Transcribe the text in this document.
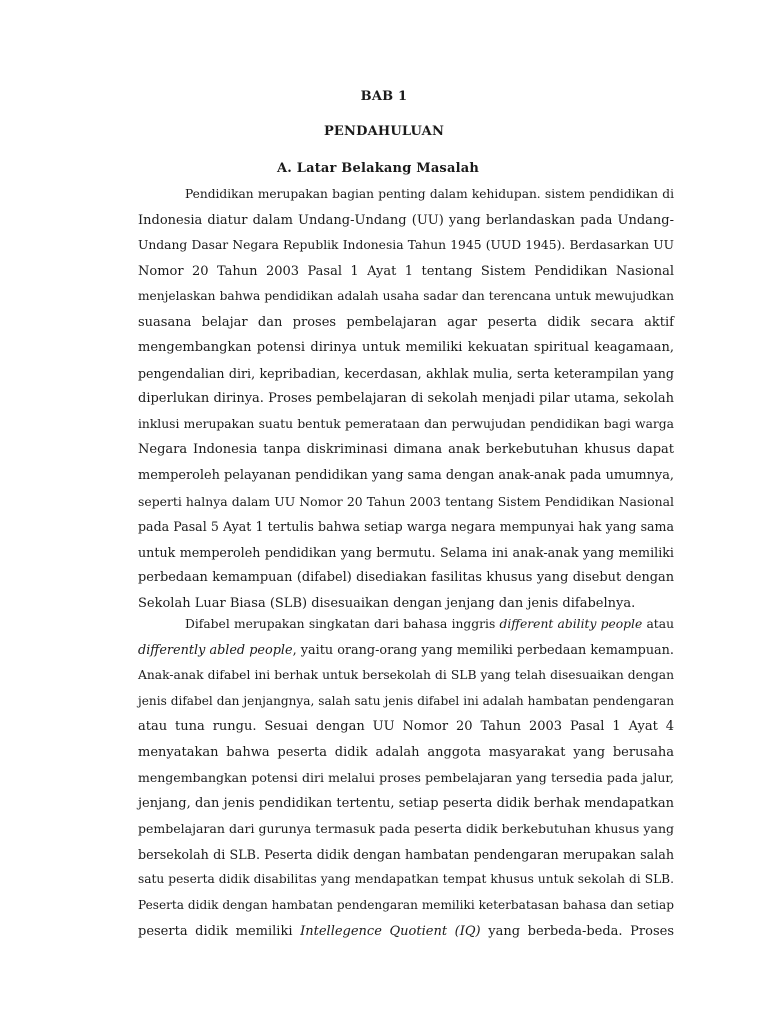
BAB 1
PENDAHULUAN
A. Latar Belakang Masalah
Pendidikan merupakan bagian penting dalam kehidupan. sistem pendidikan di
Indonesia diatur dalam Undang-Undang (UU) yang berlandaskan pada Undang-
Undang Dasar Negara Republik Indonesia Tahun 1945 (UUD 1945). Berdasarkan UU
Nomor 20 Tahun 2003 Pasal 1 Ayat 1 tentang Sistem Pendidikan Nasional
menjelaskan bahwa pendidikan adalah usaha sadar dan terencana untuk mewujudkan
suasana belajar dan proses pembelajaran agar peserta didik secara aktif
mengembangkan potensi dirinya untuk memiliki kekuatan spiritual keagamaan,
pengendalian diri, kepribadian, kecerdasan, akhlak mulia, serta keterampilan yang
diperlukan dirinya. Proses pembelajaran di sekolah menjadi pilar utama, sekolah
inklusi merupakan suatu bentuk pemerataan dan perwujudan pendidikan bagi warga
Negara Indonesia tanpa diskriminasi dimana anak berkebutuhan khusus dapat
memperoleh pelayanan pendidikan yang sama dengan anak-anak pada umumnya,
seperti halnya dalam UU Nomor 20 Tahun 2003 tentang Sistem Pendidikan Nasional
pada Pasal 5 Ayat 1 tertulis bahwa setiap warga negara mempunyai hak yang sama
untuk memperoleh pendidikan yang bermutu. Selama ini anak-anak yang memiliki
perbedaan kemampuan (difabel) disediakan fasilitas khusus yang disebut dengan
Sekolah Luar Biasa (SLB) disesuaikan dengan jenjang dan jenis difabelnya.
Difabel merupakan singkatan dari bahasa inggris different ability people atau
differently abled people, yaitu orang-orang yang memiliki perbedaan kemampuan.
Anak-anak difabel ini berhak untuk bersekolah di SLB yang telah disesuaikan dengan
jenis difabel dan jenjangnya, salah satu jenis difabel ini adalah hambatan pendengaran
atau tuna rungu. Sesuai dengan UU Nomor 20 Tahun 2003 Pasal 1 Ayat 4
menyatakan bahwa peserta didik adalah anggota masyarakat yang berusaha
mengembangkan potensi diri melalui proses pembelajaran yang tersedia pada jalur,
jenjang, dan jenis pendidikan tertentu, setiap peserta didik berhak mendapatkan
pembelajaran dari gurunya termasuk pada peserta didik berkebutuhan khusus yang
bersekolah di SLB. Peserta didik dengan hambatan pendengaran merupakan salah
satu peserta didik disabilitas yang mendapatkan tempat khusus untuk sekolah di SLB.
Peserta didik dengan hambatan pendengaran memiliki keterbatasan bahasa dan setiap
peserta didik memiliki Intellegence Quotient (IQ) yang berbeda-beda. Proses
